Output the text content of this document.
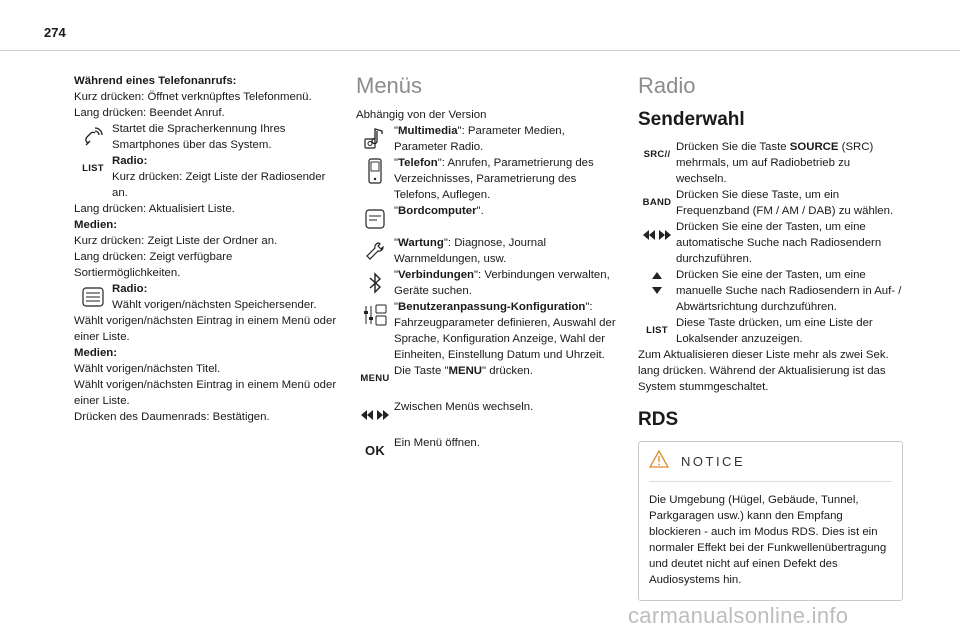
274

Während eines Telefonanrufs:

Kurz drücken: Öffnet verknüpftes Telefonmenü.

Lang drücken: Beendet Anruf.

Startet die Spracherkennung Ihres Smartphones über das System.
LIST

Radio:

Kurz drücken: Zeigt Liste der Radiosender an.

Lang drücken: Aktualisiert Liste.

Medien:

Kurz drücken: Zeigt Liste der Ordner an.

Lang drücken: Zeigt verfügbare Sortiermöglichkeiten.

Radio:

Wählt vorigen/nächsten Speichersender.

Wählt vorigen/nächsten Eintrag in einem Menü oder einer Liste.

Medien:

Wählt vorigen/nächsten Titel.

Wählt vorigen/nächsten Eintrag in einem Menü oder einer Liste.

Drücken des Daumenrads: Bestätigen.

Menüs

Abhängig von der Version

"Multimedia": Parameter Medien, Parameter Radio.
"Telefon": Anrufen, Parametrierung des Verzeichnisses, Parametrierung des Telefons, Auflegen.
"Bordcomputer".
"Wartung": Diagnose, Journal Warnmeldungen, usw.
"Verbindungen": Verbindungen verwalten, Geräte suchen.
"Benutzeranpassung-Konfiguration": Fahrzeugparameter definieren, Auswahl der Sprache, Konfiguration Anzeige, Wahl der Einheiten, Einstellung Datum und Uhrzeit.
MENU
Die Taste "MENU" drücken.
Zwischen Menüs wechseln.
OK Ein Menü öffnen.
Radio
Senderwahl
SRC //
Drücken Sie die Taste SOURCE (SRC) mehrmals, um auf Radiobetrieb zu wechseln.
BAND
Drücken Sie diese Taste, um ein Frequenzband (FM / AM / DAB) zu wählen.
Drücken Sie eine der Tasten, um eine automatische Suche nach Radiosendern durchzuführen.
Drücken Sie eine der Tasten, um eine manuelle Suche nach Radiosendern in Auf- / Abwärtsrichtung durchzuführen.
LIST
Diese Taste drücken, um eine Liste der Lokalsender anzuzeigen.

Zum Aktualisieren dieser Liste mehr als zwei Sek. lang drücken. Während der Aktualisierung ist das System stummgeschaltet.

RDS
NOTICE
Die Umgebung (Hügel, Gebäude, Tunnel, Parkgaragen usw.) kann den Empfang blockieren - auch im Modus RDS. Dies ist ein normaler Effekt bei der Funkwellenübertragung und deutet nicht auf einen Defekt des Audiosystems hin.
carmanualsonline.info
